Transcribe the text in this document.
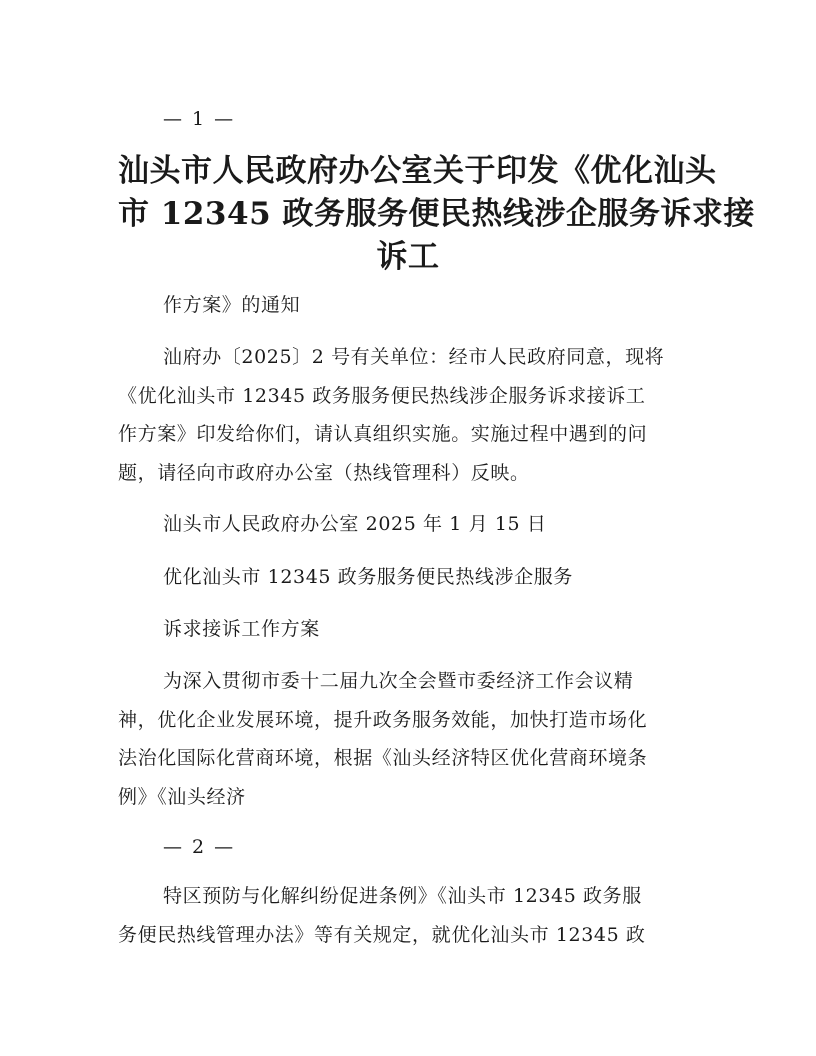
— 1 —
汕头市人民政府办公室关于印发《优化汕头
市 12345 政务服务便民热线涉企服务诉求接
诉工

作方案》的通知

汕府办〔2025〕2 号有关单位：经市人民政府同意，现将
《优化汕头市 12345 政务服务便民热线涉企服务诉求接诉工
作方案》印发给你们，请认真组织实施。实施过程中遇到的问
题，请径向市政府办公室（热线管理科）反映。

汕头市人民政府办公室 2025 年 1 月 15 日

优化汕头市 12345 政务服务便民热线涉企服务

诉求接诉工作方案

为深入贯彻市委十二届九次全会暨市委经济工作会议精
神，优化企业发展环境，提升政务服务效能，加快打造市场化
法治化国际化营商环境，根据《汕头经济特区优化营商环境条
例》《汕头经济

— 2 —

特区预防与化解纠纷促进条例》《汕头市 12345 政务服
务便民热线管理办法》等有关规定，就优化汕头市 12345 政
